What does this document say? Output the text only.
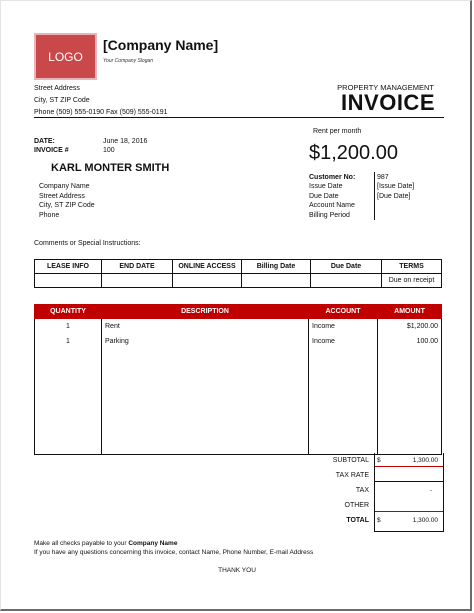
LOGO
[Company Name]
Your Company Slogan
Street Address
City, ST ZIP Code
Phone (509) 555-0190 Fax (509) 555-0191
PROPERTY MANAGEMENT
INVOICE
DATE:	June 18, 2016
INVOICE #	100
Rent per month
$1,200.00
KARL MONTER SMITH
Company Name
Street Address
City, ST ZIP Code
Phone
Customer No:	987
Issue Date	[Issue Date]
Due Date	[Due Date]
Account Name
Billing Period
Comments or Special Instructions:
LEASE INFO	END DATE	ONLINE ACCESS	Billing Date	Due Date	TERMS
					Due on receipt
QUANTITY	DESCRIPTION	ACCOUNT	AMOUNT
1	Rent	Income	$1,200.00
1	Parking	Income	100.00

SUBTOTAL $	1,300.00
TAX RATE
TAX	-
OTHER
TOTAL $	1,300.00
Make all checks payable to your Company Name
If you have any questions concerning this invoice, contact Name, Phone Number, E-mail Address
THANK YOU
